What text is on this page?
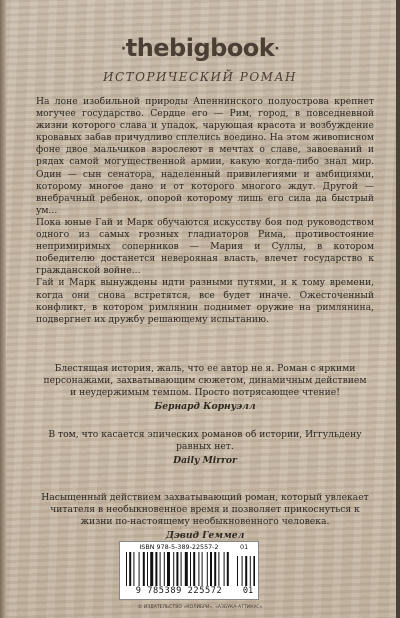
·thebigbook·
ИСТОРИЧЕСКИЙ РОМАН

На лоне изобильной природы Апеннинского полуострова крепнет могучее государство. Сердце его — Рим, город, в повседневной жизни которого слава и упадок, чарующая красота и возбуждение кровавых забав причудливо сплелись воедино. На этом живописном фоне двое мальчиков взрослеют в мечтах о славе, завоеваний и рядах самой могущественной армии, какую когда-либо знал мир. Один — сын сенатора, наделенный привилегиями и амбициями, которому многое дано и от которого многого ждут. Другой — внебрачный ребенок, опорой которому лишь его сила да быстрый ум...

Пока юные Гай и Марк обучаются искусству боя под руководством одного из самых грозных гладиаторов Рима, противостояние непримиримых соперников — Мария и Суллы, в котором победителю достанется неверояная власть, влечет государство к гражданской войне...

Гай и Марк вынуждены идти разными путями, и к тому времени, когда они снова встретятся, все будет иначе. Ожесточенный конфликт, в котором римлянин поднимет оружие на римлянина, подвергнет их дружбу решающему испытанию.

Блестящая история, жаль, что ее автор не я. Роман с яркими персонажами, захватывающим сюжетом, динамичным действием и неудержимым темпом. Просто потрясающее чтение!
Бернард Корнуэлл
В том, что касается эпических романов об истории, Иггульдену равных нет.
Daily Mirror
Насыщенный действием захватывающий роман, который увлекает читателя в необыкновенное время и позволяет прикоснуться к жизни по-настоящему необыкновенного человека.
Дэвид Геммел
ISBN 978-5-389-22557-2	01
9 785389 225572	01
© ИЗДАТЕЛЬСТВО «КОЛИБРИ», «АЗБУКА-АТТИКУС»
